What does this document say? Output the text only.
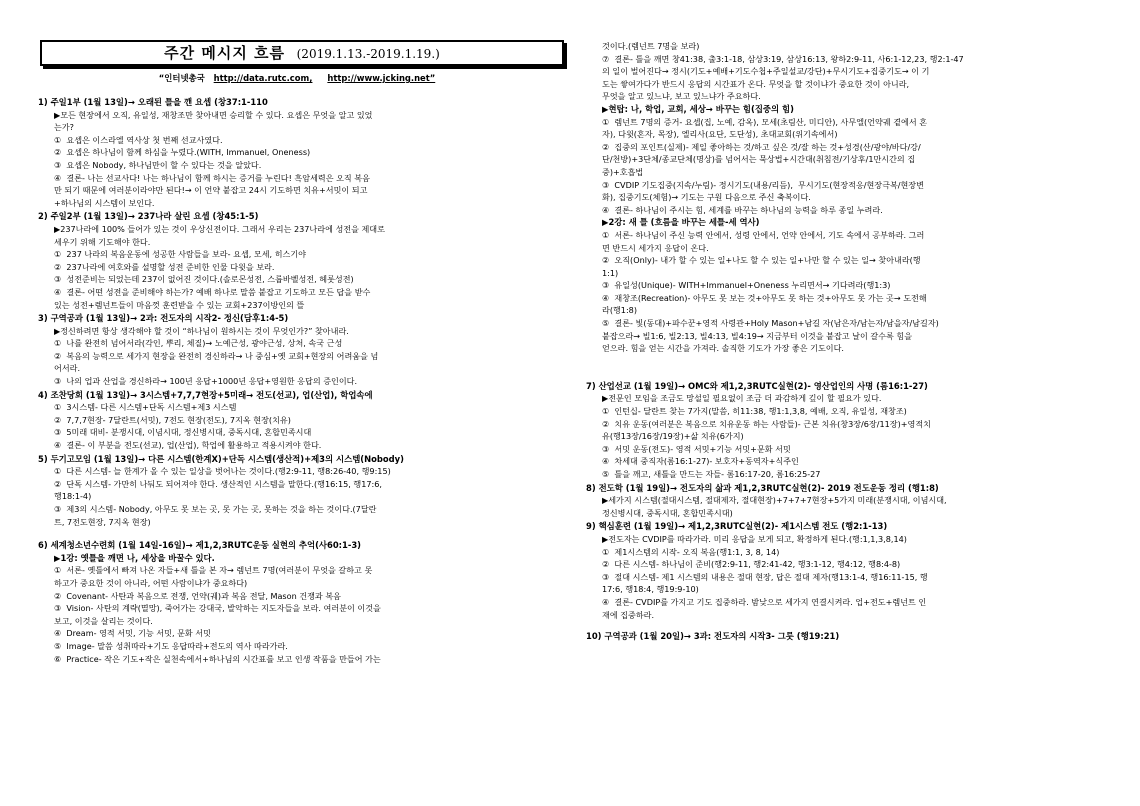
주간 메시지 흐름 (2019.1.13.-2019.1.19.)
“인터넷총국 http://data.rutc.com, http://www.jcking.net”
1) 주일1부 (1월 13일)→ 오래된 틀을 깬 요셉 (창37:1-110
▶모든 현장에서 오직, 유일성, 재창조만 찾아내면 승리할 수 있다. 요셉은 무엇을 알고 있었
는가?
①  요셉은 이스라엘 역사상 첫 번째 선교사였다.
②  요셉은 하나님이 함께 하심을 누렸다.(WITH, Immanuel, Oneness)
③  요셉은 Nobody, 하나님만이 할 수 있다는 것을 알았다.
④  결론- 나는 선교사다! 나는 하나님이 함께 하시는 증거를 누린다! 흑암세력은 오직 복음
만 되기 때문에 여러분이라야만 된다!→ 이 언약 붙잡고 24시 기도하면 치유+서밋이 되고
+하나님의 시스템이 보인다.
2) 주일2부 (1월 13일)→ 237나라 살린 요셉 (창45:1-5)
▶237나라에 100% 들어가 있는 것이 우상신전이다. 그래서 우리는 237나라에 성전을 제대로
세우기 위해 기도해야 한다.
①  237 나라의 복음운동에 성공한 사람들을 보라- 요셉, 모세, 히스기야
②  237나라에 여호와를 설명할 성전 준비한 인물 다윗을 보라.
③  성전준비는 되었는데 237이 없어진 것이다.(솔로몬성전, 스룹바벨성전, 헤롯성전)
④  결론- 어떤 성전을 준비해야 하는가? 예배 하나로 말씀 붙잡고 기도하고 모든 답을 받수
있는 성전+렘넌트들이 마음껏 훈련받을 수 있는 교회+237이방인의 뜰
3) 구역공과 (1월 13일)→ 2과: 전도자의 시작2- 정신(담후1:4-5)
▶정신하려면 항상 생각해야 할 것이 “하나님이 원하시는 것이 무엇인가?” 찾아내라.
①  나를 완전히 넘어서라(각인, 뿌리, 체질)→ 노예근성, 광야근성, 상처, 속국 근성
②  복음의 능력으로 세가지 현장을 완전히 경신하라→ 나 중심+옛 교회+현장의 어려움을 넘
어서라.
③  나의 업과 산업을 경신하라→ 100년 응답+1000년 응답+영원한 응답의 증인이다.
4) 조찬당회 (1월 13일)→ 3시스템+7,7,7현장+5미래→ 전도(선교), 업(산업), 학업속에
①  3시스템- 다른 시스템+단독 시스템+제3 시스템
②  7,7,7현장- 7달란트(서밋), 7전도 현장(전도), 7지옥 현장(치유)
③  5미래 대비- 분쟁시대, 이념시대, 정신병시대, 중독시대, 혼합민족시대
④  결론- 이 부분을 전도(선교), 업(산업), 학업에 활용하고 적용시켜야 한다.
5) 두기고모임 (1월 13일)→ 다른 시스템(한계X)+단독 시스템(생산적)+제3의 시스템(Nobody)
①  다른 시스템- 늘 한계가 올 수 있는 일상을 벗어나는 것이다.(행2:9-11, 행8:26-40, 행9:15)
②  단독 시스템- 가만히 나둬도 되어져야 한다. 생산적인 시스템을 말한다.(행16:15, 행17:6,
행18:1-4)
③  제3의 시스템- Nobody, 아무도 못 보는 곳, 못 가는 곳, 못하는 것을 하는 것이다.(7달란
트, 7전도현장, 7지옥 현장)
6) 세계청소년수련회 (1월 14일-16일)→ 제1,2,3RUTC운동 실현의 추억(사60:1-3)
▶1강: 옛틀을 깨면 나, 세상을 바꿀수 있다.
①  서론- 옛틀에서 빠져 나온 자들+새 틀을 본 자→ 렘넌트 7명(여러분이 무엇을 갈하고 못
하고가 중요한 것이 아니라, 어떤 사람이냐가 중요하다)
②  Covenant- 사탄과 복음으로 전쟁, 언약(궤)과 복음 전달, Mason 건쟁과 복음
③  Vision- 사탄의 계략(멸망), 죽어가는 강대국, 발악하는 지도자들을 보라. 여러분이 이것을
보고, 이것을 살리는 것이다.
④  Dream- 영적 서밋, 기능 서밋, 문화 서밋
⑤  Image- 말씀 성취따라+기도 응답따라+전도의 역사 따라가라.
⑥  Practice- 작은 기도+작은 실천속에서+하나님의 시간표를 보고 인생 작품을 만들어 가는
것이다.(렘넌트 7명을 보라)
⑦  결론- 틀을 깨면 창41:38, 출3:1-18, 삼상3:19, 삼상16:13, 왕하2:9-11, 사6:1-12,23, 행2:1-47
의 일이 벌어진다→ 정시(기도+예배+기도수첩+주일설교/강단)+무시기도+집중기도→ 이 기
도는 쌓여가다가 반드시 응답의 시간표가 온다. 무엇을 할 것이냐가 중요한 것이 아니라,
무엇을 알고 있느냐, 보고 있느냐가 주요하다.
▶현탑: 나, 학업, 교회, 세상→ 바꾸는 힘(집중의 힘)
①  렘넌트 7명의 증거- 요셉(집, 노예, 감옥), 모세(초림산, 미디안), 사무엘(언약궤 곁에서 혼
자), 다윗(혼자, 목장), 엘리사(요단, 도단성), 초대교회(위기속에서)
②  집중의 포인트(실제)- 제일 좋아하는 것/하고 싶은 것/잘 하는 것+성경(산/광야/바다/강/
단/천방)+3단체/종교단체(명상)를 넘어서는 묵상법+시간대(취침전/기상후/1만시간의 집
중)+호흡법
③  CVDIP 기도집중(지속/누림)- 정시기도(내용/리듬),  무시기도(현장적응/현장극복/현장변
화), 집중기도(체험)→ 기도는 구원 다음으로 주신 축복이다.
④  결론- 하나님이 주시는 힘, 세계를 바꾸는 하나님의 능력을 하루 종일 누려라.
▶2강: 새 틀 (흐름을 바꾸는 세틀-세 역사)
①  서론- 하나님이 주신 능력 안에서, 성령 안에서, 언약 안에서, 기도 속에서 공부하라. 그러
면 반드시 세가지 응답이 온다.
②  오직(Only)- 내가 할 수 있는 일+나도 할 수 있는 일+나만 할 수 있는 일→ 찾아내라(행
1:1)
③  유일성(Unique)- WITH+Immanuel+Oneness 누리면서→ 기다려라(행1:3)
④  재창조(Recreation)- 아무도 못 보는 것+아무도 못 하는 것+아무도 못 가는 곳→ 도전해
라(행1:8)
⑤  결론- 빛(동대)+파수꾼+영적 사령관+Holy Mason+남길 자(남은자/남는자/남을자/남길자)
붙잡으라→ 빌1:6, 빌2:13, 빌4:13, 빌4:19→ 지금부터 이것을 붙잡고 날이 갈수록 힘을
얻으라. 힘을 얻는 시간을 가져라. 솔직한 기도가 가장 좋은 기도이다.
7) 산업선교 (1월 19일)→ OMC와 제1,2,3RUTC실현(2)- 영산업인의 사명 (롬16:1-27)
▶전문인 모임을 조금도 망설일 필요없이 조금 더 과감하게 깊이 할 필요가 있다.
①  인턴십- 달란트 찾는 7가지(말씀, 히11:38, 행1:1,3,8, 예배, 오직, 유일성, 재창조)
②  치유 운동(여러분은 복음으로 치유운동 하는 사람들)- 근본 치유(창3장/6장/11장)+영적치
유(행13장/16장/19장)+삶 치유(6가지)
③  서밋 운동(전도)- 영적 서밋+기능 서밋+문화 서밋
④  차세대 중직자(롬16:1-27)- 보호자+동역자+식주인
⑤  틀을 깨고, 새틀을 만드는 자들- 롬16:17-20, 롬16:25-27
8) 전도학 (1월 19일)→ 전도자의 삶과 제1,2,3RUTC실현(2)- 2019 전도운동 정리 (행1:8)
▶세가지 시스템(절대시스템, 절대제자, 절대현장)+7+7+7현장+5가지 미래(분쟁시대, 이념시대,
정신병시대, 중독시대, 혼합민족시대)
9) 핵심훈련 (1월 19일)→ 제1,2,3RUTC실현(2)- 제1시스템 전도 (행2:1-13)
▶전도자는 CVDIP를 따라가라. 미리 응답을 보게 되고, 확정하게 된다.(행:1,1,3,8,14)
①  제1시스템의 시작- 오직 복음(행1:1, 3, 8, 14)
②  다른 시스템- 하나님이 준비(행2:9-11, 행2:41-42, 행3:1-12, 행4:12, 행8:4-8)
③  절대 시스템- 제1 시스템의 내용은 절대 현장, 답은 절대 제자(행13:1-4, 행16:11-15, 행
17:6, 행18:4, 행19:9-10)
④  결론- CVDIP를 가지고 기도 집중하라. 밤낮으로 세가지 연결시켜라. 업+전도+렘넌트 인
재에 집중하라.
10) 구역공과 (1월 20일)→ 3과: 전도자의 시작3- 그릇 (행19:21)
